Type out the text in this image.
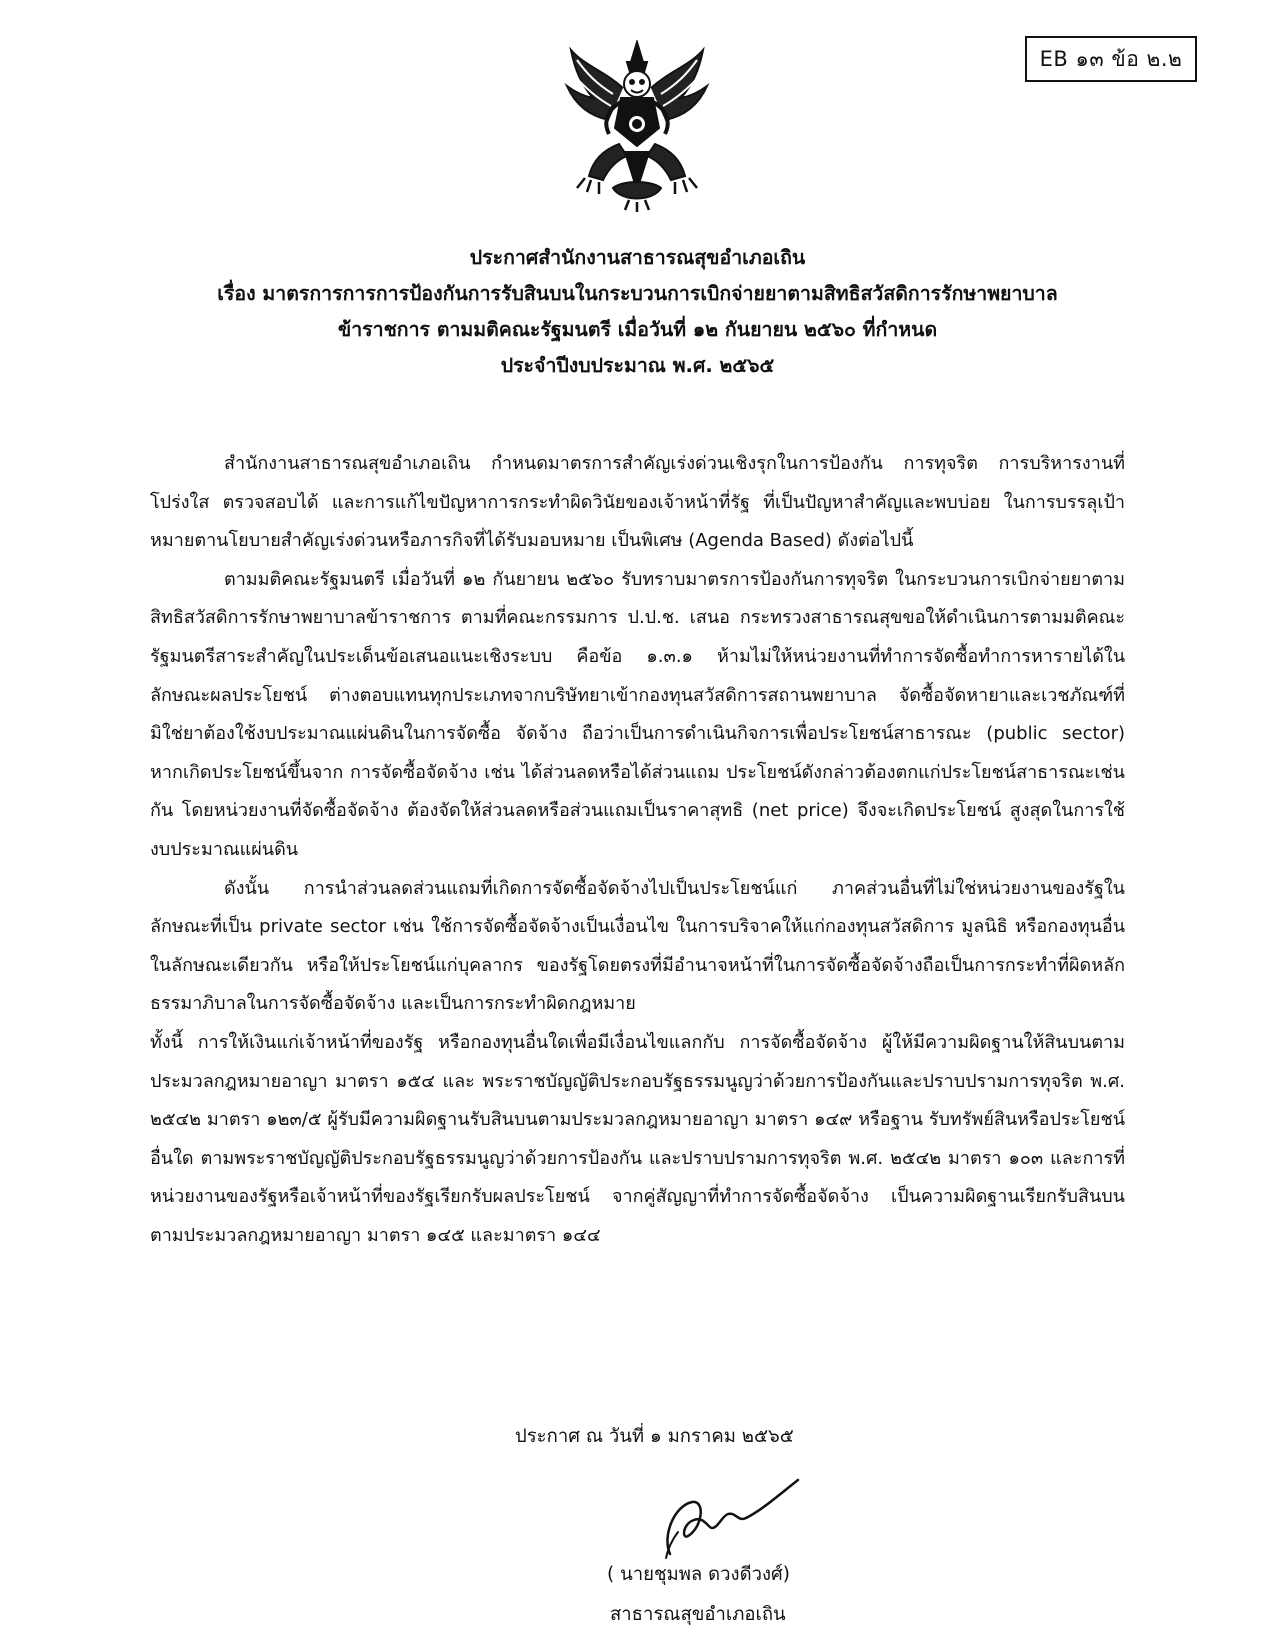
EB ๑๓ ข้อ ๒.๒
ประกาศสำนักงานสาธารณสุขอำเภอเถิน
เรื่อง มาตรการการการป้องกันการรับสินบนในกระบวนการเบิกจ่ายยาตามสิทธิสวัสดิการรักษาพยาบาล
ข้าราชการ ตามมติคณะรัฐมนตรี เมื่อวันที่ ๑๒ กันยายน ๒๕๖๐ ที่กำหนด
ประจำปีงบประมาณ พ.ศ. ๒๕๖๕

สำนักงานสาธารณสุขอำเภอเถิน กำหนดมาตรการสำคัญเร่งด่วนเชิงรุกในการป้องกัน การทุจริต การบริหารงานที่โปร่งใส ตรวจสอบได้ และการแก้ไขปัญหาการกระทำผิดวินัยของเจ้าหน้าที่รัฐ ที่เป็นปัญหาสำคัญและพบบ่อย ในการบรรลุเป้าหมายตานโยบายสำคัญเร่งด่วนหรือภารกิจที่ได้รับมอบหมาย เป็นพิเศษ (Agenda Based) ดังต่อไปนี้

ตามมติคณะรัฐมนตรี เมื่อวันที่ ๑๒ กันยายน ๒๕๖๐ รับทราบมาตรการป้องกันการทุจริต ในกระบวนการเบิกจ่ายยาตามสิทธิสวัสดิการรักษาพยาบาลข้าราชการ ตามที่คณะกรรมการ ป.ป.ช. เสนอ กระทรวงสาธารณสุขขอให้ดำเนินการตามมติคณะรัฐมนตรีสาระสำคัญในประเด็นข้อเสนอแนะเชิงระบบ คือข้อ ๑.๓.๑ ห้ามไม่ให้หน่วยงานที่ทำการจัดซื้อทำการหารายได้ในลักษณะผลประโยชน์ ต่างตอบแทนทุกประเภทจากบริษัทยาเข้ากองทุนสวัสดิการสถานพยาบาล จัดซื้อจัดหายาและเวชภัณฑ์ที่มิใช่ยาต้องใช้งบประมาณแผ่นดินในการจัดซื้อ จัดจ้าง ถือว่าเป็นการดำเนินกิจการเพื่อประโยชน์สาธารณะ (public sector) หากเกิดประโยชน์ขึ้นจาก การจัดซื้อจัดจ้าง เช่น ได้ส่วนลดหรือได้ส่วนแถม ประโยชน์ดังกล่าวต้องตกแก่ประโยชน์สาธารณะเช่นกัน โดยหน่วยงานที่จัดซื้อจัดจ้าง ต้องจัดให้ส่วนลดหรือส่วนแถมเป็นราคาสุทธิ (net price) จึงจะเกิดประโยชน์ สูงสุดในการใช้งบประมาณแผ่นดิน

ดังนั้น การนำส่วนลดส่วนแถมที่เกิดการจัดซื้อจัดจ้างไปเป็นประโยชน์แก่ ภาคส่วนอื่นที่ไม่ใช่หน่วยงานของรัฐในลักษณะที่เป็น private sector เช่น ใช้การจัดซื้อจัดจ้างเป็นเงื่อนไข ในการบริจาคให้แก่กองทุนสวัสดิการ มูลนิธิ หรือกองทุนอื่นในลักษณะเดียวกัน หรือให้ประโยชน์แก่บุคลากร ของรัฐโดยตรงที่มีอำนาจหน้าที่ในการจัดซื้อจัดจ้างถือเป็นการกระทำที่ผิดหลักธรรมาภิบาลในการจัดซื้อจัดจ้าง และเป็นการกระทำผิดกฎหมาย

ทั้งนี้ การให้เงินแก่เจ้าหน้าที่ของรัฐ หรือกองทุนอื่นใดเพื่อมีเงื่อนไขแลกกับ การจัดซื้อจัดจ้าง ผู้ให้มีความผิดฐานให้สินบนตามประมวลกฎหมายอาญา มาตรา ๑๕๔ และ พระราชบัญญัติประกอบรัฐธรรมนูญว่าด้วยการป้องกันและปราบปรามการทุจริต พ.ศ. ๒๕๔๒ มาตรา ๑๒๓/๕ ผู้รับมีความผิดฐานรับสินบนตามประมวลกฎหมายอาญา มาตรา ๑๔๙ หรือฐาน รับทรัพย์สินหรือประโยชน์อื่นใด ตามพระราชบัญญัติประกอบรัฐธรรมนูญว่าด้วยการป้องกัน และปราบปรามการทุจริต พ.ศ. ๒๕๔๒ มาตรา ๑๐๓ และการที่หน่วยงานของรัฐหรือเจ้าหน้าที่ของรัฐเรียกรับผลประโยชน์ จากคู่สัญญาที่ทำการจัดซื้อจัดจ้าง เป็นความผิดฐานเรียกรับสินบนตามประมวลกฎหมายอาญา มาตรา ๑๔๕ และมาตรา ๑๔๔

ประกาศ ณ วันที่ ๑ มกราคม ๒๕๖๕
( นายชุมพล ดวงดีวงศ์)
สาธารณสุขอำเภอเถิน
